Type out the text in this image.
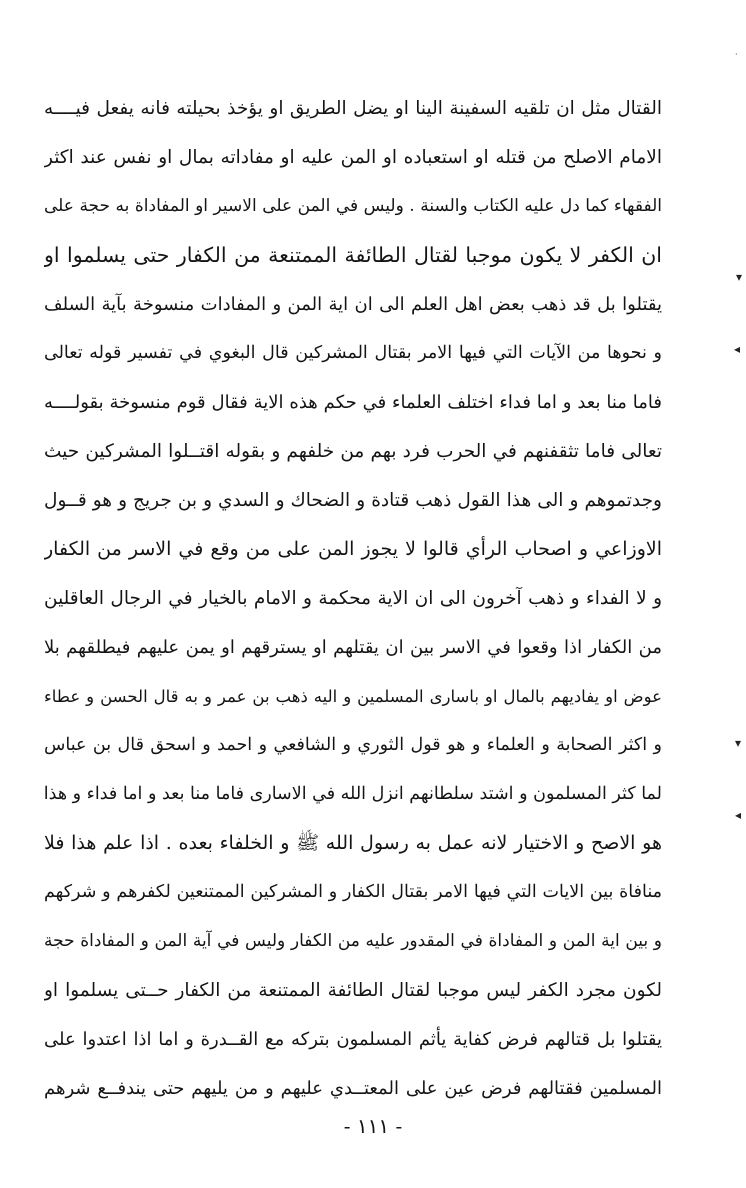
القتال مثل ان تلقيه السفينة الينا او يضل الطريق او يؤخذ بحيلته فانه يفعل فيــــه
الامام الاصلح من قتله او استعباده او المن عليه او مفاداته بمال او نفس عند اكثر
الفقهاء كما دل عليه الكتاب والسنة . وليس في المن على الاسير او المفاداة به حجة على
ان الكفر لا يكون موجبا لقتال الطائفة الممتنعة من الكفار حتى يسلموا او
يقتلوا بل قد ذهب بعض اهل العلم الى ان اية المن و المفادات منسوخة بآية السلف
و نحوها من الآيات التي فيها الامر بقتال المشركين قال البغوي في تفسير قوله تعالى
فاما منا بعد و اما فداء اختلف العلماء في حكم هذه الاية فقال قوم منسوخة بقولــــه
تعالى فاما تثقفنهم في الحرب فرد بهم من خلفهم و بقوله اقتــلوا المشركين حيث
وجدتموهم و الى هذا القول ذهب قتادة و الضحاك و السدي و بن جريج و هو قــول
الاوزاعي و اصحاب الرأي قالوا لا يجوز المن على من وقع في الاسر من الكفار
و لا الفداء و ذهب آخرون الى ان الاية محكمة و الامام بالخيار في الرجال العاقلين
من الكفار اذا وقعوا في الاسر بين ان يقتلهم او يسترقهم او يمن عليهم فيطلقهم بلا
عوض او يفاديهم بالمال او باسارى المسلمين و اليه ذهب بن عمر و به قال الحسن و عطاء
و اكثر الصحابة و العلماء و هو قول الثوري و الشافعي و احمد و اسحق قال بن عباس
لما كثر المسلمون و اشتد سلطانهم انزل الله في الاسارى فاما منا بعد و اما فداء و هذا
هو الاصح و الاختيار لانه عمل به رسول الله ﷺ و الخلفاء بعده . اذا علم هذا فلا
منافاة بين الايات التي فيها الامر بقتال الكفار و المشركين الممتنعين لكفرهم و شركهم
و بين اية المن و المفاداة في المقدور عليه من الكفار وليس في آية المن و المفاداة حجة
لكون مجرد الكفر ليس موجبا لقتال الطائفة الممتنعة من الكفار حــتى يسلموا او
يقتلوا بل قتالهم فرض كفاية يأثم المسلمون بتركه مع القــدرة و اما اذا اعتدوا على
المسلمين فقتالهم فرض عين على المعتــدي عليهم و من يليهم حتى يندفــع شرهم
- ١١١ -
·
▾
◂
▾
◂
